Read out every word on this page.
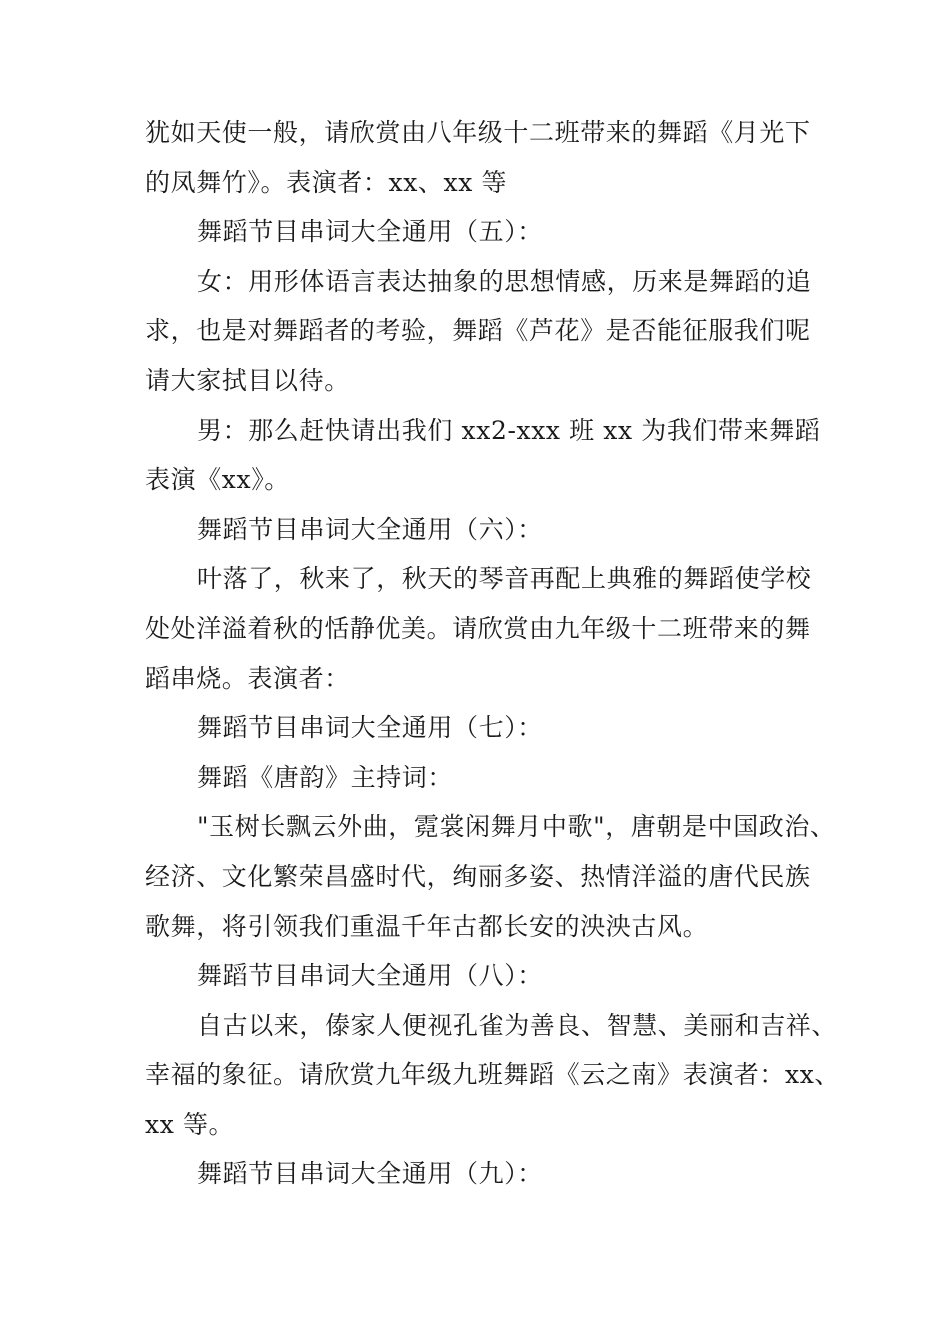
犹如天使一般，请欣赏由八年级十二班带来的舞蹈《月光下
的凤舞竹》。表演者：xx、xx 等
舞蹈节目串词大全通用（五）：
女：用形体语言表达抽象的思想情感，历来是舞蹈的追
求，也是对舞蹈者的考验，舞蹈《芦花》是否能征服我们呢
请大家拭目以待。
男：那么赶快请出我们 xx2-xxx 班 xx 为我们带来舞蹈
表演《xx》。
舞蹈节目串词大全通用（六）：
叶落了，秋来了，秋天的琴音再配上典雅的舞蹈使学校
处处洋溢着秋的恬静优美。请欣赏由九年级十二班带来的舞
蹈串烧。表演者：
舞蹈节目串词大全通用（七）：
舞蹈《唐韵》主持词：
"玉树长飘云外曲，霓裳闲舞月中歌"，唐朝是中国政治、
经济、文化繁荣昌盛时代，绚丽多姿、热情洋溢的唐代民族
歌舞，将引领我们重温千年古都长安的泱泱古风。
舞蹈节目串词大全通用（八）：
自古以来，傣家人便视孔雀为善良、智慧、美丽和吉祥、
幸福的象征。请欣赏九年级九班舞蹈《云之南》表演者：xx、
xx 等。
舞蹈节目串词大全通用（九）：
